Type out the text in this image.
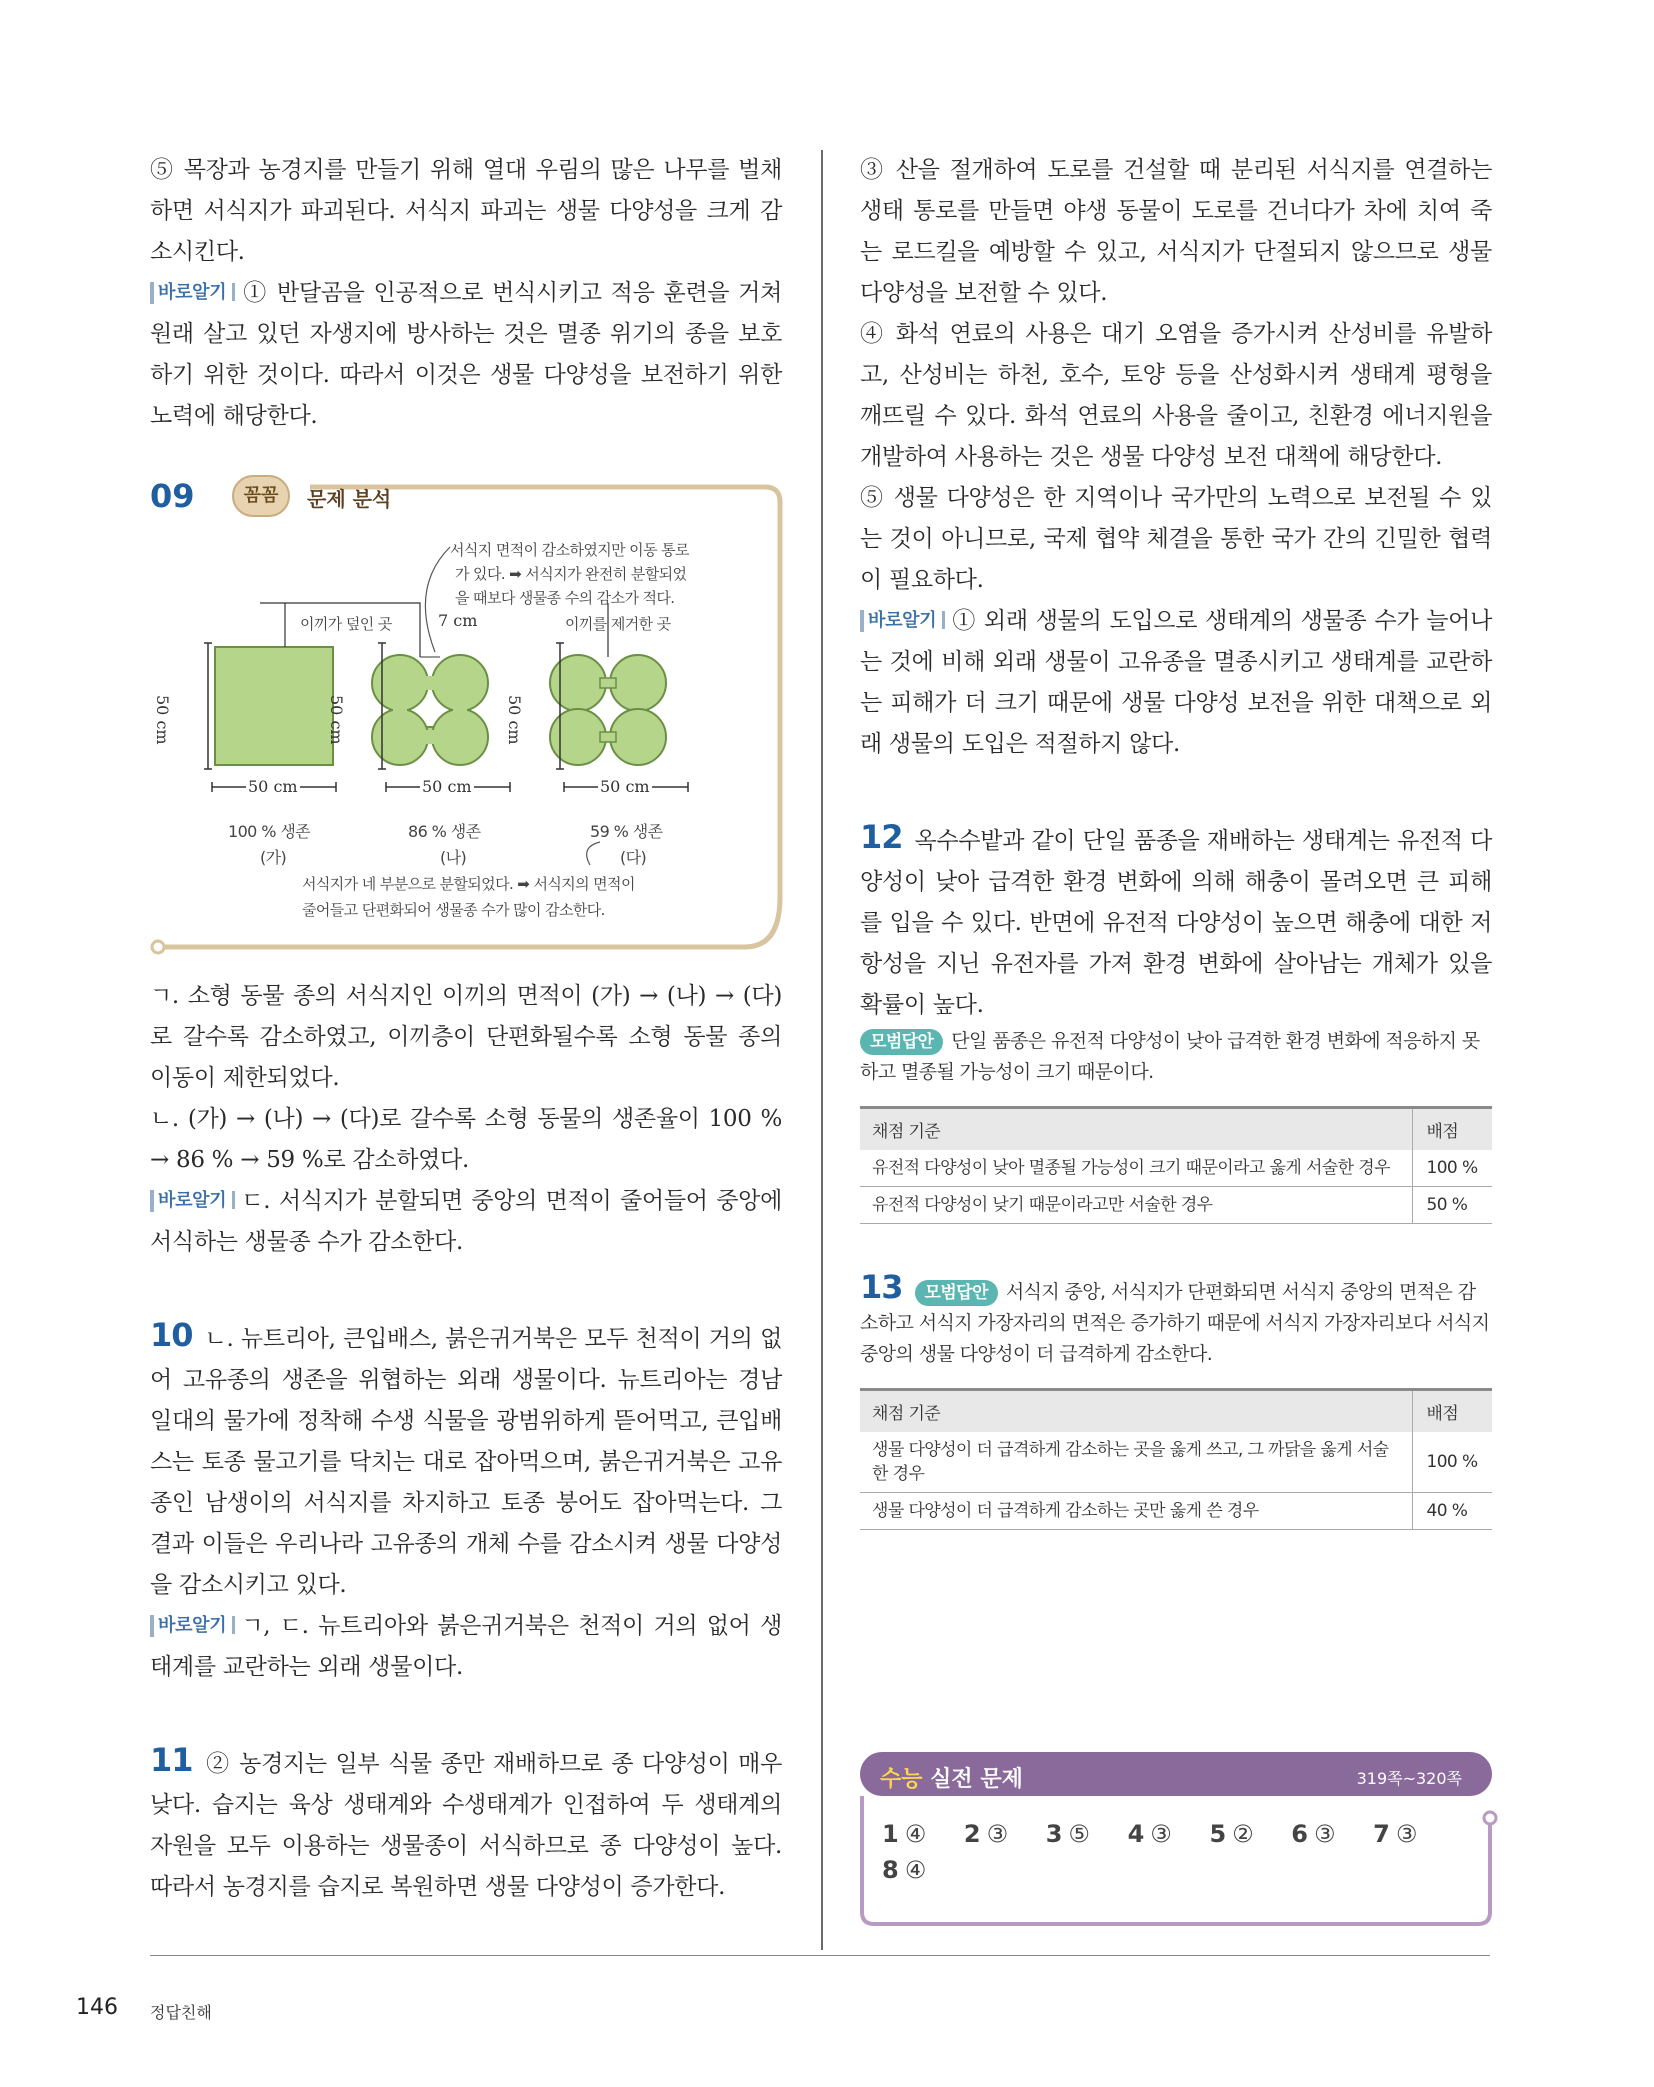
⑤ 목장과 농경지를 만들기 위해 열대 우림의 많은 나무를 벌채하면 서식지가 파괴된다. 서식지 파괴는 생물 다양성을 크게 감소시킨다.

바로알기 ① 반달곰을 인공적으로 번식시키고 적응 훈련을 거쳐 원래 살고 있던 자생지에 방사하는 것은 멸종 위기의 종을 보호하기 위한 것이다. 따라서 이것은 생물 다양성을 보전하기 위한 노력에 해당한다.

09	꼼꼼	문제 분석
서식지 면적이 감소하였지만 이동 통로
가 있다. ➡ 서식지가 완전히 분할되었
을 때보다 생물종 수의 감소가 적다.
이끼가 덮인 곳	7 cm	이끼를 제거한 곳
50 cm	50 cm	50 cm
50 cm	50 cm	50 cm
100 % 생존	86 % 생존	59 % 생존
(가)	(나)	(다)
서식지가 네 부분으로 분할되었다. ➡ 서식지의 면적이
줄어들고 단편화되어 생물종 수가 많이 감소한다.

ㄱ. 소형 동물 종의 서식지인 이끼의 면적이 (가) → (나) → (다)로 갈수록 감소하였고, 이끼층이 단편화될수록 소형 동물 종의 이동이 제한되었다.

ㄴ. (가) → (나) → (다)로 갈수록 소형 동물의 생존율이 100 % → 86 % → 59 %로 감소하였다.

바로알기 ㄷ. 서식지가 분할되면 중앙의 면적이 줄어들어 중앙에 서식하는 생물종 수가 감소한다.

10 ㄴ. 뉴트리아, 큰입배스, 붉은귀거북은 모두 천적이 거의 없어 고유종의 생존을 위협하는 외래 생물이다. 뉴트리아는 경남 일대의 물가에 정착해 수생 식물을 광범위하게 뜯어먹고, 큰입배스는 토종 물고기를 닥치는 대로 잡아먹으며, 붉은귀거북은 고유종인 남생이의 서식지를 차지하고 토종 붕어도 잡아먹는다. 그 결과 이들은 우리나라 고유종의 개체 수를 감소시켜 생물 다양성을 감소시키고 있다.

바로알기 ㄱ, ㄷ. 뉴트리아와 붉은귀거북은 천적이 거의 없어 생태계를 교란하는 외래 생물이다.

11 ② 농경지는 일부 식물 종만 재배하므로 종 다양성이 매우 낮다. 습지는 육상 생태계와 수생태계가 인접하여 두 생태계의 자원을 모두 이용하는 생물종이 서식하므로 종 다양성이 높다. 따라서 농경지를 습지로 복원하면 생물 다양성이 증가한다.

③ 산을 절개하여 도로를 건설할 때 분리된 서식지를 연결하는 생태 통로를 만들면 야생 동물이 도로를 건너다가 차에 치여 죽는 로드킬을 예방할 수 있고, 서식지가 단절되지 않으므로 생물 다양성을 보전할 수 있다.

④ 화석 연료의 사용은 대기 오염을 증가시켜 산성비를 유발하고, 산성비는 하천, 호수, 토양 등을 산성화시켜 생태계 평형을 깨뜨릴 수 있다. 화석 연료의 사용을 줄이고, 친환경 에너지원을 개발하여 사용하는 것은 생물 다양성 보전 대책에 해당한다.

⑤ 생물 다양성은 한 지역이나 국가만의 노력으로 보전될 수 있는 것이 아니므로, 국제 협약 체결을 통한 국가 간의 긴밀한 협력이 필요하다.

바로알기 ① 외래 생물의 도입으로 생태계의 생물종 수가 늘어나는 것에 비해 외래 생물이 고유종을 멸종시키고 생태계를 교란하는 피해가 더 크기 때문에 생물 다양성 보전을 위한 대책으로 외래 생물의 도입은 적절하지 않다.

12 옥수수밭과 같이 단일 품종을 재배하는 생태계는 유전적 다양성이 낮아 급격한 환경 변화에 의해 해충이 몰려오면 큰 피해를 입을 수 있다. 반면에 유전적 다양성이 높으면 해충에 대한 저항성을 지닌 유전자를 가져 환경 변화에 살아남는 개체가 있을 확률이 높다.

모범답안 단일 품종은 유전적 다양성이 낮아 급격한 환경 변화에 적응하지 못하고 멸종될 가능성이 크기 때문이다.

채점 기준	배점
유전적 다양성이 낮아 멸종될 가능성이 크기 때문이라고 옳게 서술한 경우	100 %
유전적 다양성이 낮기 때문이라고만 서술한 경우	50 %

13 모범답안 서식지 중앙, 서식지가 단편화되면 서식지 중앙의 면적은 감소하고 서식지 가장자리의 면적은 증가하기 때문에 서식지 가장자리보다 서식지 중앙의 생물 다양성이 더 급격하게 감소한다.

채점 기준	배점
생물 다양성이 더 급격하게 감소하는 곳을 옳게 쓰고, 그 까닭을 옳게 서술한 경우	100 %
생물 다양성이 더 급격하게 감소하는 곳만 옳게 쓴 경우	40 %
수능 실전 문제	319쪽~320쪽
1 ④ 2 ③ 3 ⑤ 4 ③ 5 ② 6 ③ 7 ③ 8 ④
146 정답친해
